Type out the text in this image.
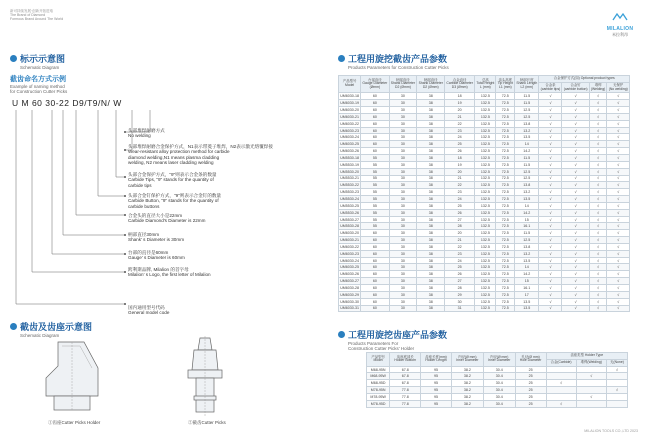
新可持续发展·创新开拓进取
The Brand of Diamond
Formous Brand Around The World
MILALION
米拉利昂
标示示意图
Schematic Diagram
截齿命名方式示例
Example of naming method
for Construction Cutter Picks
U M 60 30-22 D9/T9/N/ W
头部堆焊耐磨方式
No welding
头部堆焊耐磨合金保护方式，N1表示带菱子堆焊，N2表示激光熔覆焊接
Wear-resistant alloy protection method for carbide
diamond welding,N1 means plasma cladding
welding, N2 means laser cladding welding
头部合金保护方式，"9"则表示合金条的数量
Carbide Tips, "9" stands for the quantity of
carbide tips
头部合金钉保护方式，"9"则表示合金钉的数量
Carbide Button, "9" stands for the quantity of
carbide buttons
合金头的直径大小是22mm
Carbide Diamond's Diameter is 22mm
柄部直径30mm
Shank' s Diameter is 30mm
台部的直径是60mm
Gauge' s Diameter is 60mm
跨利斯品牌, Milalion 的首字母
Milalion' s Logo, the first letter of Milalion
国内通用型号代码
General model code
截齿及齿座示意图
Schematic Diagram
①齿座Cutter Picks Holder	②截齿Cutter Picks
工程用旋挖截齿产品参数
Products Parameters for Construction Cutter Picks
产品型号
Model	台部直径
Gauge Diameter
(Ømm)	柄部直径
Shank Diameter
D2 (Ømm)	柄部直径
Shank Diameter
D2 (Ømm)	合金直径
Carbide Diameter
D3 (Ømm)	总高
Total Height
L (mm)	齿头高度
Tip Height
L1 (mm)	柄部长度
Shank Length
L2 (mm)	合金保护方式(如) Optional product types			
								合金条
(carbide tips)	合金钉
(carbide button)	堆焊
(Welding)	无保护
(No welding)
UM6030-18	60	30	38	18	132.5	72.5	11.5	√	√	√	√
UM6030-19	60	30	38	19	132.5	72.5	11.5	√	√	√	√
UM6030-20	60	30	38	20	132.5	72.5	12.5	√	√	√	√
UM6030-21	60	30	38	21	132.5	72.5	12.5	√	√	√	√
UM6030-22	60	30	38	22	132.5	72.5	13.8	√	√	√	√
UM6030-23	60	30	38	23	132.5	72.5	13.2	√	√	√	√
UM6030-24	60	30	38	24	132.5	72.5	13.5	√	√	√	√
UM6030-25	60	30	38	25	132.5	72.5	14	√	√	√	√
UM6030-26	60	30	38	26	132.5	72.5	14.2	√	√	√	√
UM5530-18	55	30	38	18	132.5	72.5	11.5	√	√	√	√
UM5530-19	55	30	38	19	132.5	72.5	11.5	√	√	√	√
UM5530-20	55	30	38	20	132.5	72.5	12.5	√	√	√	√
UM5530-21	55	30	38	21	132.5	72.5	12.5	√	√	√	√
UM5530-22	55	30	38	22	132.5	72.5	13.8	√	√	√	√
UM5530-23	55	30	38	23	132.5	72.5	13.2	√	√	√	√
UM5530-24	55	30	38	24	132.5	72.5	13.5	√	√	√	√
UM5530-25	55	30	38	25	132.5	72.5	14	√	√	√	√
UM5530-26	55	30	38	26	132.5	72.5	14.2	√	√	√	√
UM5530-27	55	30	38	27	132.5	72.5	15	√	√	√	√
UM5530-28	55	30	38	28	132.5	72.5	16.1	√	√	√	√
UM6030-20	60	30	38	20	132.5	72.5	11.5	√	√	√	√
UM6030-21	60	30	38	21	132.5	72.5	12.5	√	√	√	√
UM6030-22	60	30	38	22	132.5	72.5	13.8	√	√	√	√
UM6030-23	60	30	38	23	132.5	72.5	13.2	√	√	√	√
UM6030-24	60	30	38	24	132.5	72.5	13.5	√	√	√	√
UM6030-25	60	30	38	25	132.5	72.5	14	√	√	√	√
UM6030-26	60	30	38	26	132.5	72.5	14.2	√	√	√	√
UM6030-27	60	30	38	27	132.5	72.5	15	√	√	√	√
UM6030-28	60	30	38	28	132.5	72.5	16.1	√	√	√	√
UM6030-29	60	30	38	29	132.5	72.5	17	√	√	√	√
UM6030-30	60	30	38	30	132.5	72.5	13.5	√	√	√	√
UM6030-31	60	30	38	31	132.5	72.5	13.5	√	√	√	√
工程用旋挖齿座产品参数
Products Parameters For
Construction Cutter Picks' Holder
产品型号
Model	齿座底部长
Holder Bottom	齿座长度(mm)
Holder Length	内径(Ø mm)
Inner Diameter	内径(Ø mm)
Inner Diameter	孔径(Ø mm)
Hole Diameter	齿座类型 Holder Type		
						合金(Carbide)	堆焊(Welding)	无(None)
M68-95N	67.8	95	38.2	30.4	25			√
M68-95W	67.8	95	38.2	30.4	25		√	
M68-95D	67.8	95	38.2	30.4	25	√		
M78-95N	77.8	95	38.2	30.4	25			√
M78-95W	77.8	95	38.2	30.4	25		√	
M78-95D	77.8	95	38.2	30.4	25	√		
MILALION TOOLS CO.,LTD 2023
